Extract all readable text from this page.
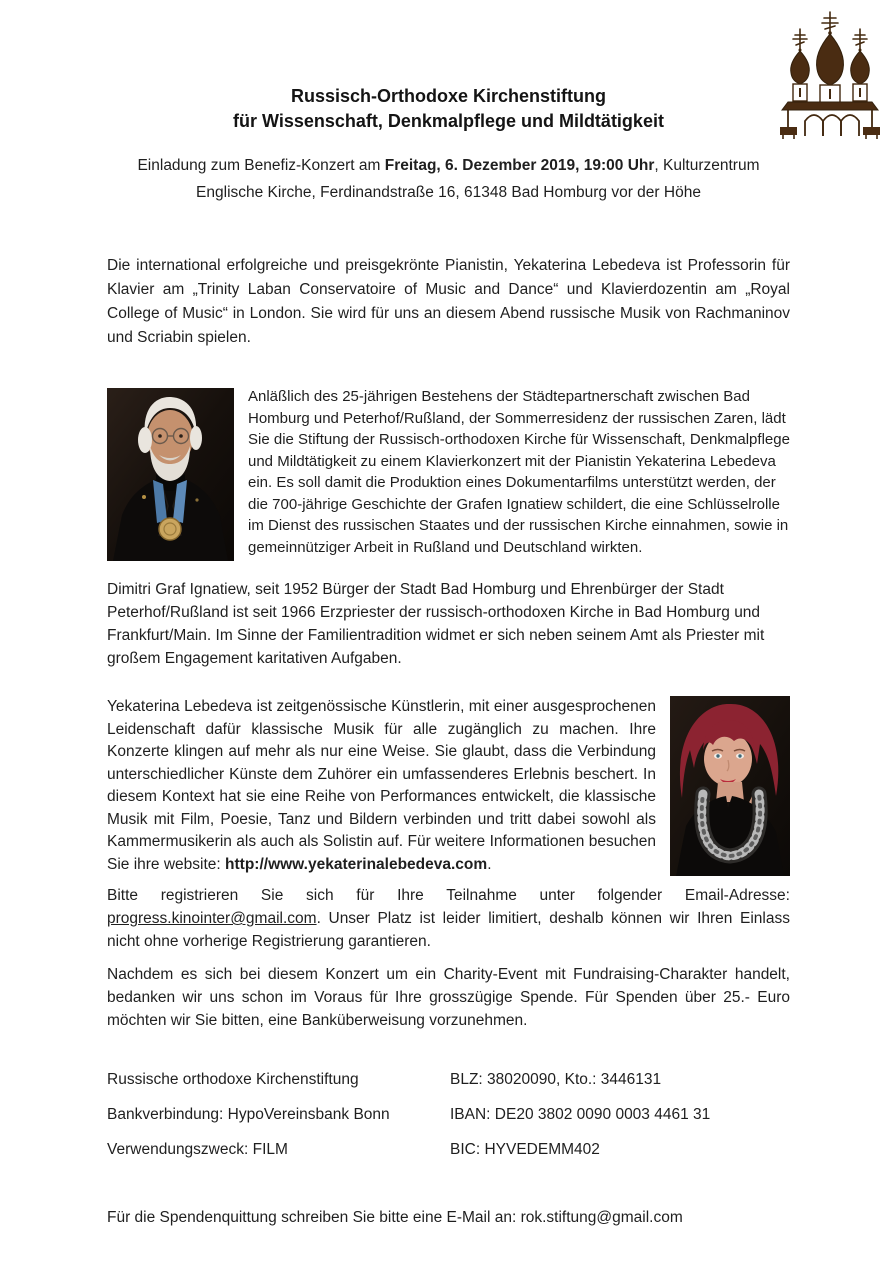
Russisch-Orthodoxe Kirchenstiftung
für Wissenschaft, Denkmalpflege und Mildtätigkeit

Einladung zum Benefiz-Konzert am Freitag, 6. Dezember 2019, 19:00 Uhr, Kulturzentrum
Englische Kirche, Ferdinandstraße 16, 61348 Bad Homburg vor der Höhe

Die international erfolgreiche und preisgekrönte Pianistin, Yekaterina Lebedeva ist Professorin für Klavier am „Trinity Laban Conservatoire of Music and Dance“ und Klavierdozentin am „Royal College of Music“ in London. Sie wird für uns an diesem Abend russische Musik von Rachmaninov und Scriabin spielen.

Anläßlich des 25-jährigen Bestehens der Städtepartnerschaft zwischen Bad Homburg und Peterhof/Rußland, der Sommerresidenz der russischen Zaren, lädt Sie die Stiftung der Russisch-orthodoxen Kirche für Wissenschaft, Denkmalpflege und Mildtätigkeit zu einem Klavierkonzert mit der Pianistin Yekaterina Lebedeva ein. Es soll damit die Produktion eines Dokumentarfilms unterstützt werden, der die 700-jährige Geschichte der Grafen Ignatiew schildert, die eine Schlüsselrolle im Dienst des russischen Staates und der russischen Kirche einnahmen, sowie in gemeinnütziger Arbeit in Rußland und Deutschland wirkten.

Dimitri Graf Ignatiew, seit 1952 Bürger der Stadt Bad Homburg und Ehrenbürger der Stadt Peterhof/Rußland ist seit 1966 Erzpriester der russisch-orthodoxen Kirche in Bad Homburg und Frankfurt/Main. Im Sinne der Familientradition widmet er sich neben seinem Amt als Priester mit großem Engagement karitativen Aufgaben.

Yekaterina Lebedeva ist zeitgenössische Künstlerin, mit einer ausgesprochenen Leidenschaft dafür klassische Musik für alle zugänglich zu machen. Ihre Konzerte klingen auf mehr als nur eine Weise. Sie glaubt, dass die Verbindung unterschiedlicher Künste dem Zuhörer ein umfassenderes Erlebnis beschert. In diesem Kontext hat sie eine Reihe von Performances entwickelt, die klassische Musik mit Film, Poesie, Tanz und Bildern verbinden und tritt dabei sowohl als Kammermusikerin als auch als Solistin auf. Für weitere Informationen besuchen Sie ihre website: http://www.yekaterinalebedeva.com.

Bitte registrieren Sie sich für Ihre Teilnahme unter folgender Email-Adresse: progress.kinointer@gmail.com. Unser Platz ist leider limitiert, deshalb können wir Ihren Einlass nicht ohne vorherige Registrierung garantieren.

Nachdem es sich bei diesem Konzert um ein Charity-Event mit Fundraising-Charakter handelt, bedanken wir uns schon im Voraus für Ihre grosszügige Spende. Für Spenden über 25.- Euro möchten wir Sie bitten, eine Banküberweisung vorzunehmen.

Russische orthodoxe Kirchenstiftung	BLZ: 38020090, Kto.: 3446131
Bankverbindung: HypoVereinsbank Bonn	IBAN: DE20 3802 0090 0003 4461 31
Verwendungszweck: FILM	BIC: HYVEDEMM402

Für die Spendenquittung schreiben Sie bitte eine E-Mail an: rok.stiftung@gmail.com
